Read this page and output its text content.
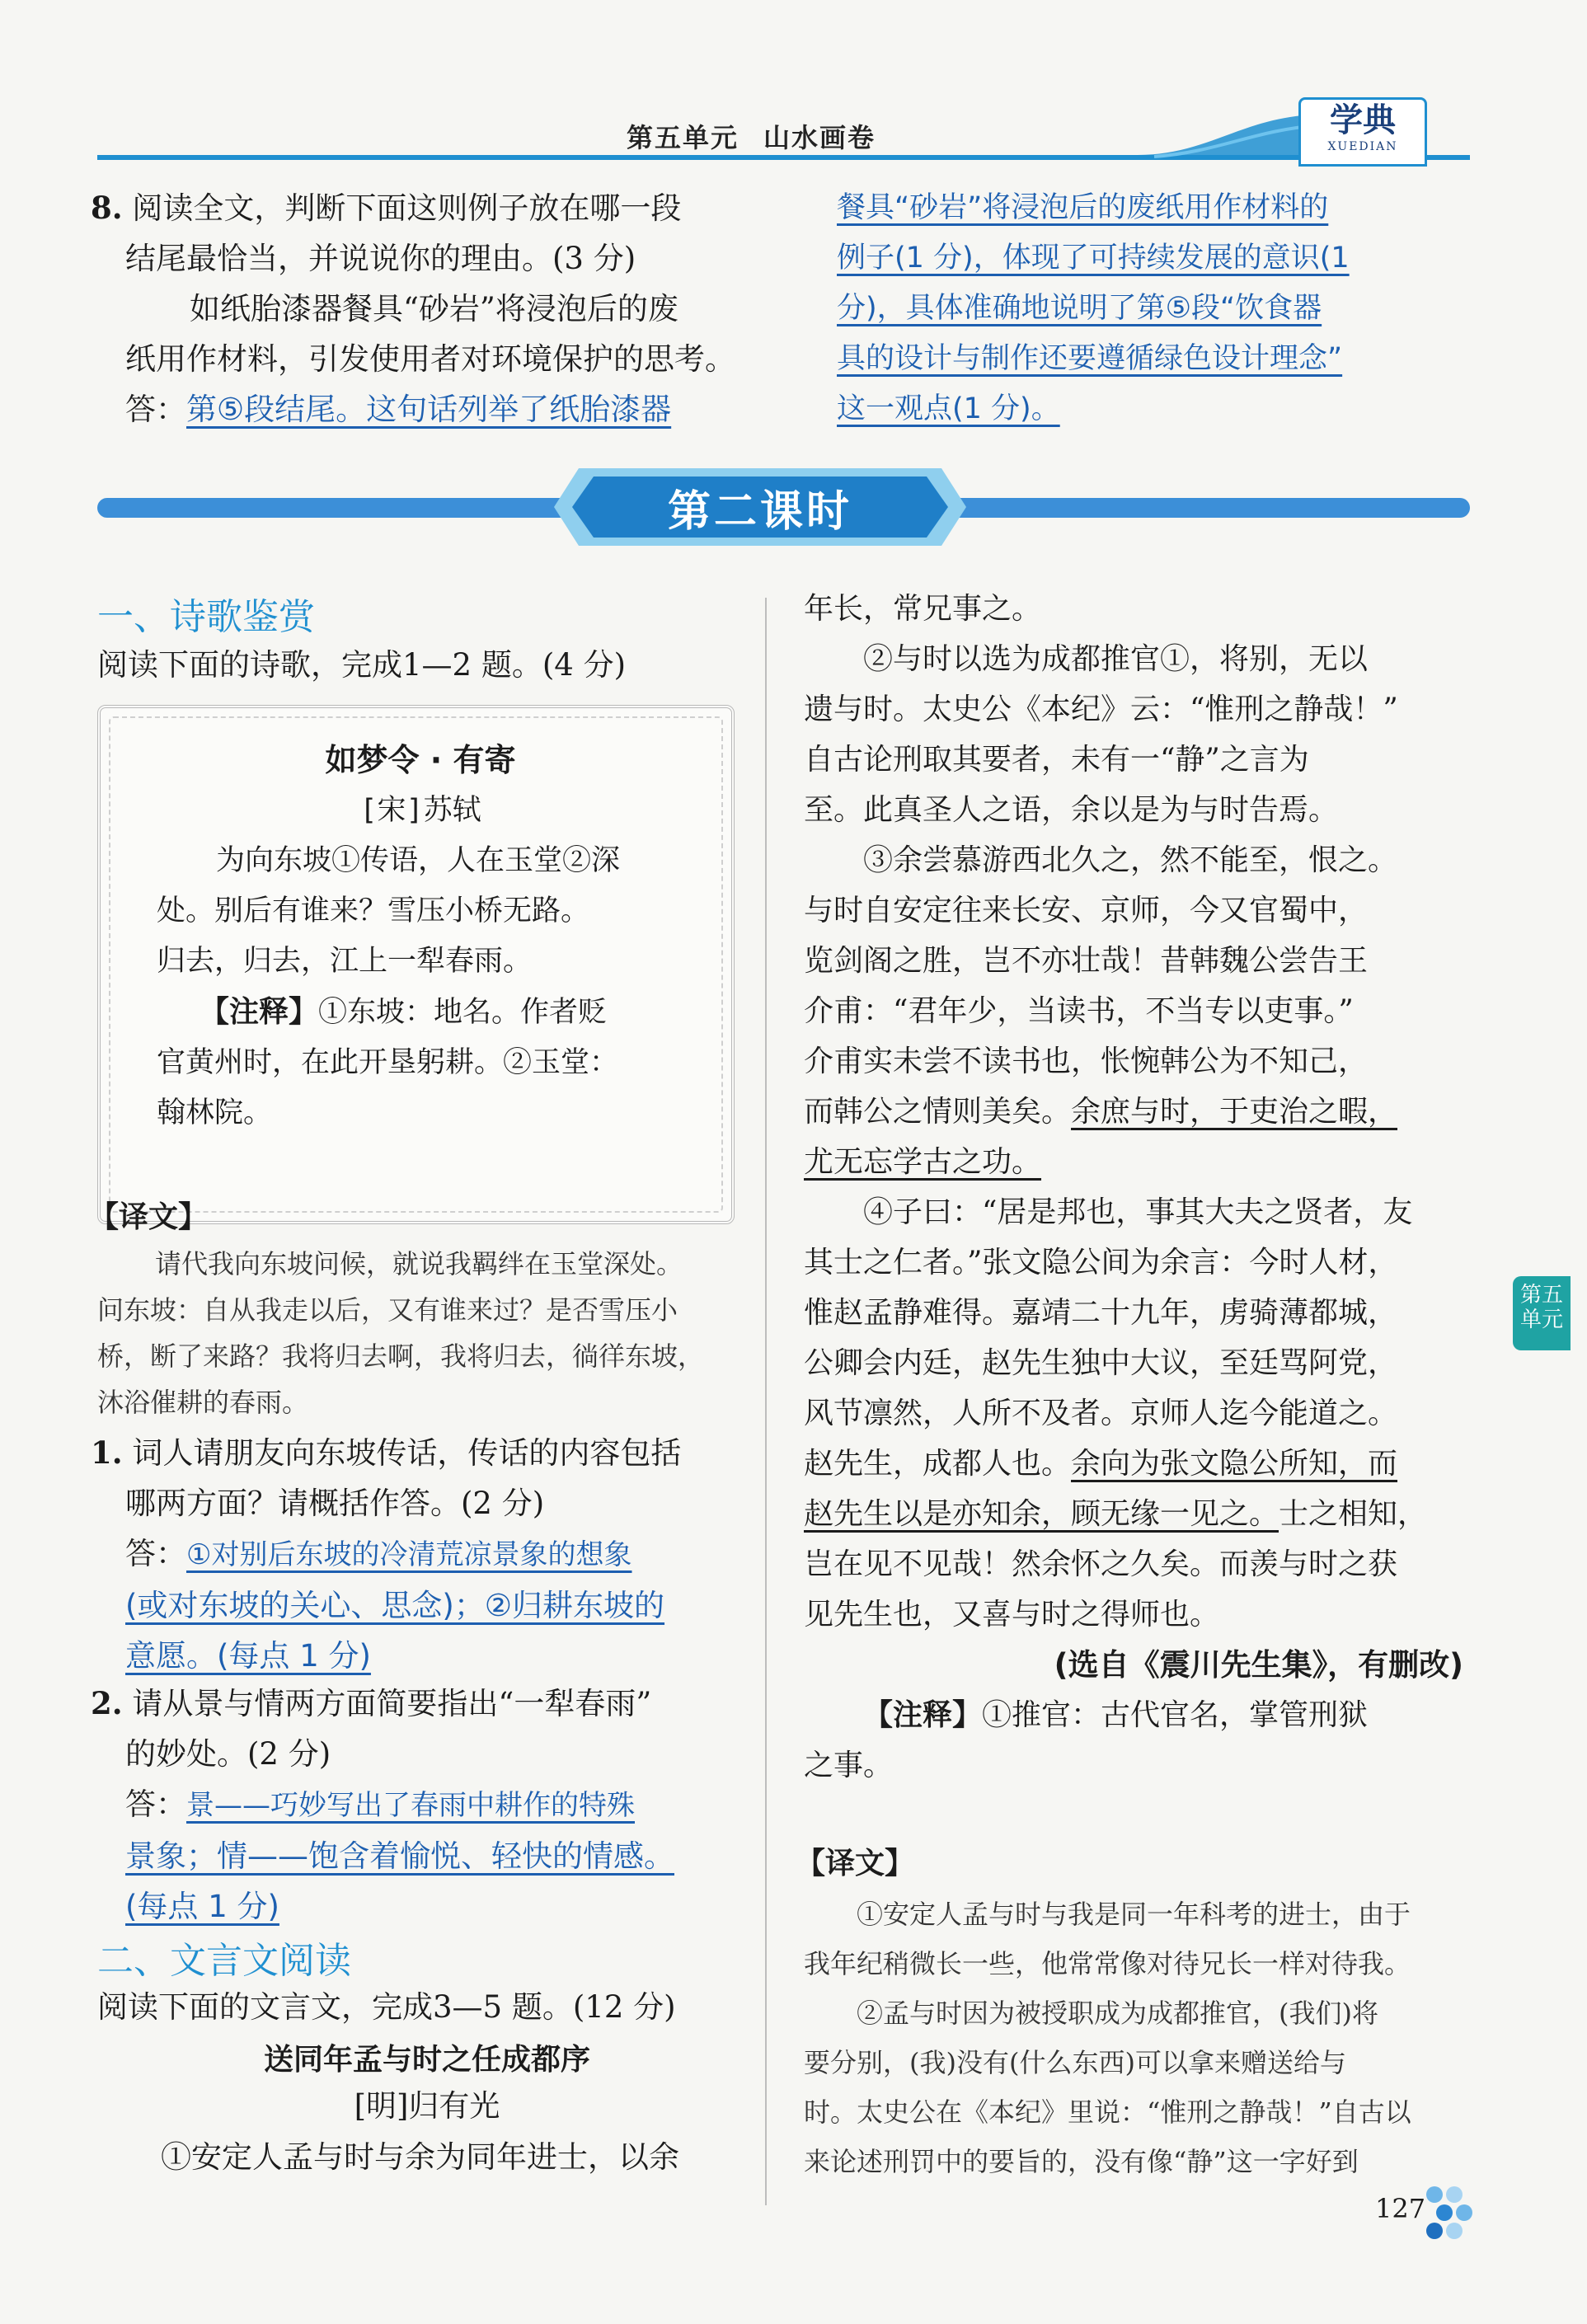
第五单元 山水画卷	学典
XUEDIAN
8. 阅读全文，判断下面这则例子放在哪一段
结尾最恰当，并说说你的理由。(3 分)
如纸胎漆器餐具“砂岩”将浸泡后的废
纸用作材料，引发使用者对环境保护的思考。
答：第⑤段结尾。这句话列举了纸胎漆器
餐具“砂岩”将浸泡后的废纸用作材料的
例子(1 分)，体现了可持续发展的意识(1
分)，具体准确地说明了第⑤段“饮食器
具的设计与制作还要遵循绿色设计理念”
这一观点(1 分)。
第二课时
一、诗歌鉴赏
阅读下面的诗歌，完成1—2 题。(4 分)
如梦令 · 有寄
[宋]苏轼
为向东坡①传语，人在玉堂②深
处。别后有谁来？雪压小桥无路。
归去，归去，江上一犁春雨。
【注释】①东坡：地名。作者贬
官黄州时，在此开垦躬耕。②玉堂：
翰林院。
【译文】
请代我向东坡问候，就说我羁绊在玉堂深处。
问东坡：自从我走以后，又有谁来过？是否雪压小
桥，断了来路？我将归去啊，我将归去，徜徉东坡，
沐浴催耕的春雨。
1. 词人请朋友向东坡传话，传话的内容包括
哪两方面？请概括作答。(2 分)
答：①对别后东坡的冷清荒凉景象的想象
(或对东坡的关心、思念)；②归耕东坡的
意愿。(每点 1 分)
2. 请从景与情两方面简要指出“一犁春雨”
的妙处。(2 分)
答：景——巧妙写出了春雨中耕作的特殊
景象；情——饱含着愉悦、轻快的情感。
(每点 1 分)
二、文言文阅读
阅读下面的文言文，完成3—5 题。(12 分)
送同年孟与时之任成都序
[明]归有光
①安定人孟与时与余为同年进士，以余
年长，常兄事之。
②与时以选为成都推官①，将别，无以
遗与时。太史公《本纪》云：“惟刑之静哉！”
自古论刑取其要者，未有一“静”之言为
至。此真圣人之语，余以是为与时告焉。
③余尝慕游西北久之，然不能至，恨之。
与时自安定往来长安、京师，今又官蜀中，
览剑阁之胜，岂不亦壮哉！昔韩魏公尝告王
介甫：“君年少，当读书，不当专以吏事。”
介甫实未尝不读书也，怅惋韩公为不知己，
而韩公之情则美矣。余庶与时，于吏治之暇，
尤无忘学古之功。
④子曰：“居是邦也，事其大夫之贤者，友
其士之仁者。”张文隐公间为余言：今时人材，
惟赵孟静难得。嘉靖二十九年，虏骑薄都城，
公卿会内廷，赵先生独中大议，至廷骂阿党，
风节凛然，人所不及者。京师人迄今能道之。
赵先生，成都人也。余向为张文隐公所知，而
赵先生以是亦知余，顾无缘一见之。士之相知，
岂在见不见哉！然余怀之久矣。而羡与时之获
见先生也，又喜与时之得师也。
(选自《震川先生集》，有删改)
【注释】①推官：古代官名，掌管刑狱
之事。
【译文】
①安定人孟与时与我是同一年科考的进士，由于
我年纪稍微长一些，他常常像对待兄长一样对待我。
②孟与时因为被授职成为成都推官，(我们)将
要分别，(我)没有(什么东西)可以拿来赠送给与
时。太史公在《本纪》里说：“惟刑之静哉！”自古以
来论述刑罚中的要旨的，没有像“静”这一字好到
第五
单元
127
